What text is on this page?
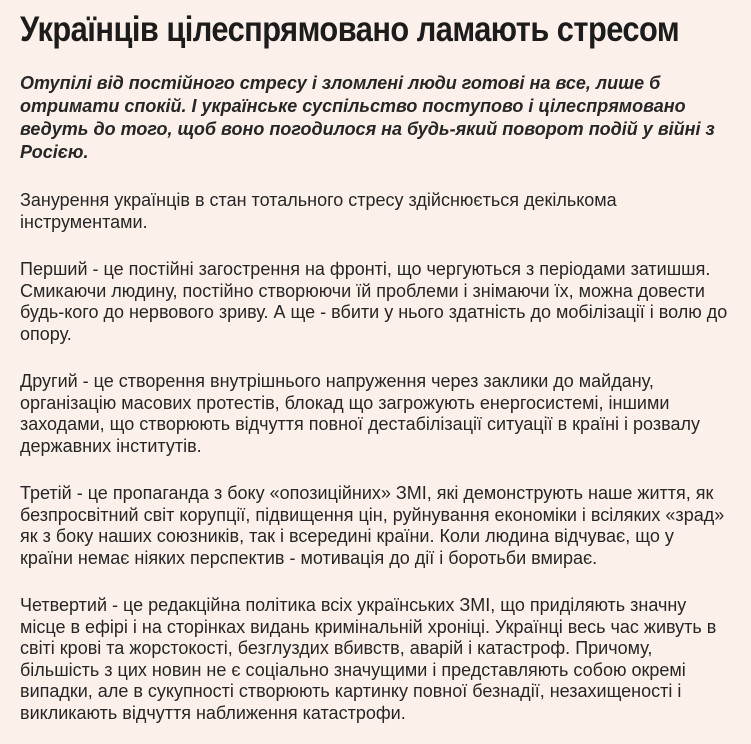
Українців цілеспрямовано ламають стресом

Отупілі від постійного стресу і зломлені люди готові на все, лише б отримати спокій. І українське суспільство поступово і цілеспрямовано ведуть до того, щоб воно погодилося на будь-який поворот подій у війні з Росією.

Занурення українців в стан тотального стресу здійснюється декількома інструментами.

Перший - це постійні загострення на фронті, що чергуються з періодами затишшя. Смикаючи людину, постійно створюючи їй проблеми і знімаючи їх, можна довести будь-кого до нервового зриву. А ще - вбити у нього здатність до мобілізації і волю до опору.

Другий - це створення внутрішнього напруження через заклики до майдану, організацію масових протестів, блокад що загрожують енергосистемі, іншими заходами, що створюють відчуття повної дестабілізації ситуації в країні і розвалу державних інститутів.

Третій - це пропаганда з боку «опозиційних» ЗМІ, які демонструють наше життя, як безпросвітний світ корупції, підвищення цін, руйнування економіки і всіляких «зрад» як з боку наших союзників, так і всередині країни. Коли людина відчуває, що у країни немає ніяких перспектив - мотивація до дії і боротьби вмирає.

Четвертий - це редакційна політика всіх українських ЗМІ, що приділяють значну місце в ефірі і на сторінках видань кримінальній хроніці. Українці весь час живуть в світі крові та жорстокості, безглуздих вбивств, аварій і катастроф. Причому, більшість з цих новин не є соціально значущими і представляють собою окремі випадки, але в сукупності створюють картинку повної безнадії, незахищеності і викликають відчуття наближення катастрофи.
